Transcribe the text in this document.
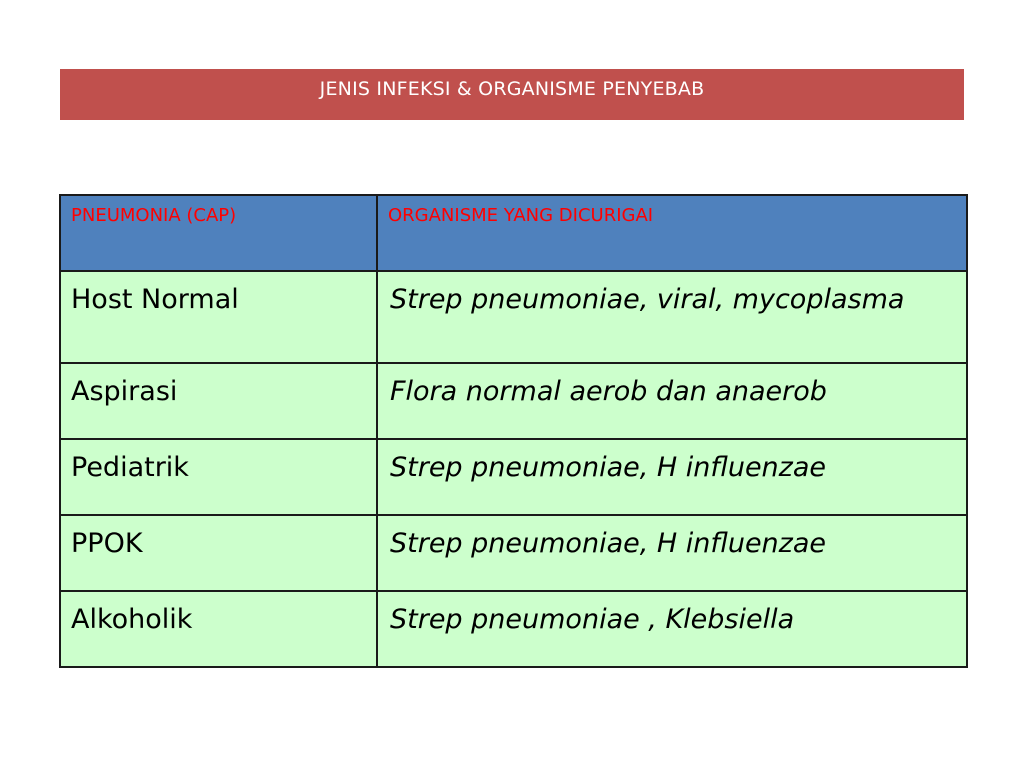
JENIS INFEKSI & ORGANISME PENYEBAB
PNEUMONIA (CAP)	ORGANISME YANG DICURIGAI

Host Normal	Strep pneumoniae, viral, mycoplasma

Aspirasi	Flora normal aerob dan anaerob

Pediatrik	Strep pneumoniae, H influenzae

PPOK	Strep pneumoniae, H influenzae

Alkoholik	Strep pneumoniae , Klebsiella
